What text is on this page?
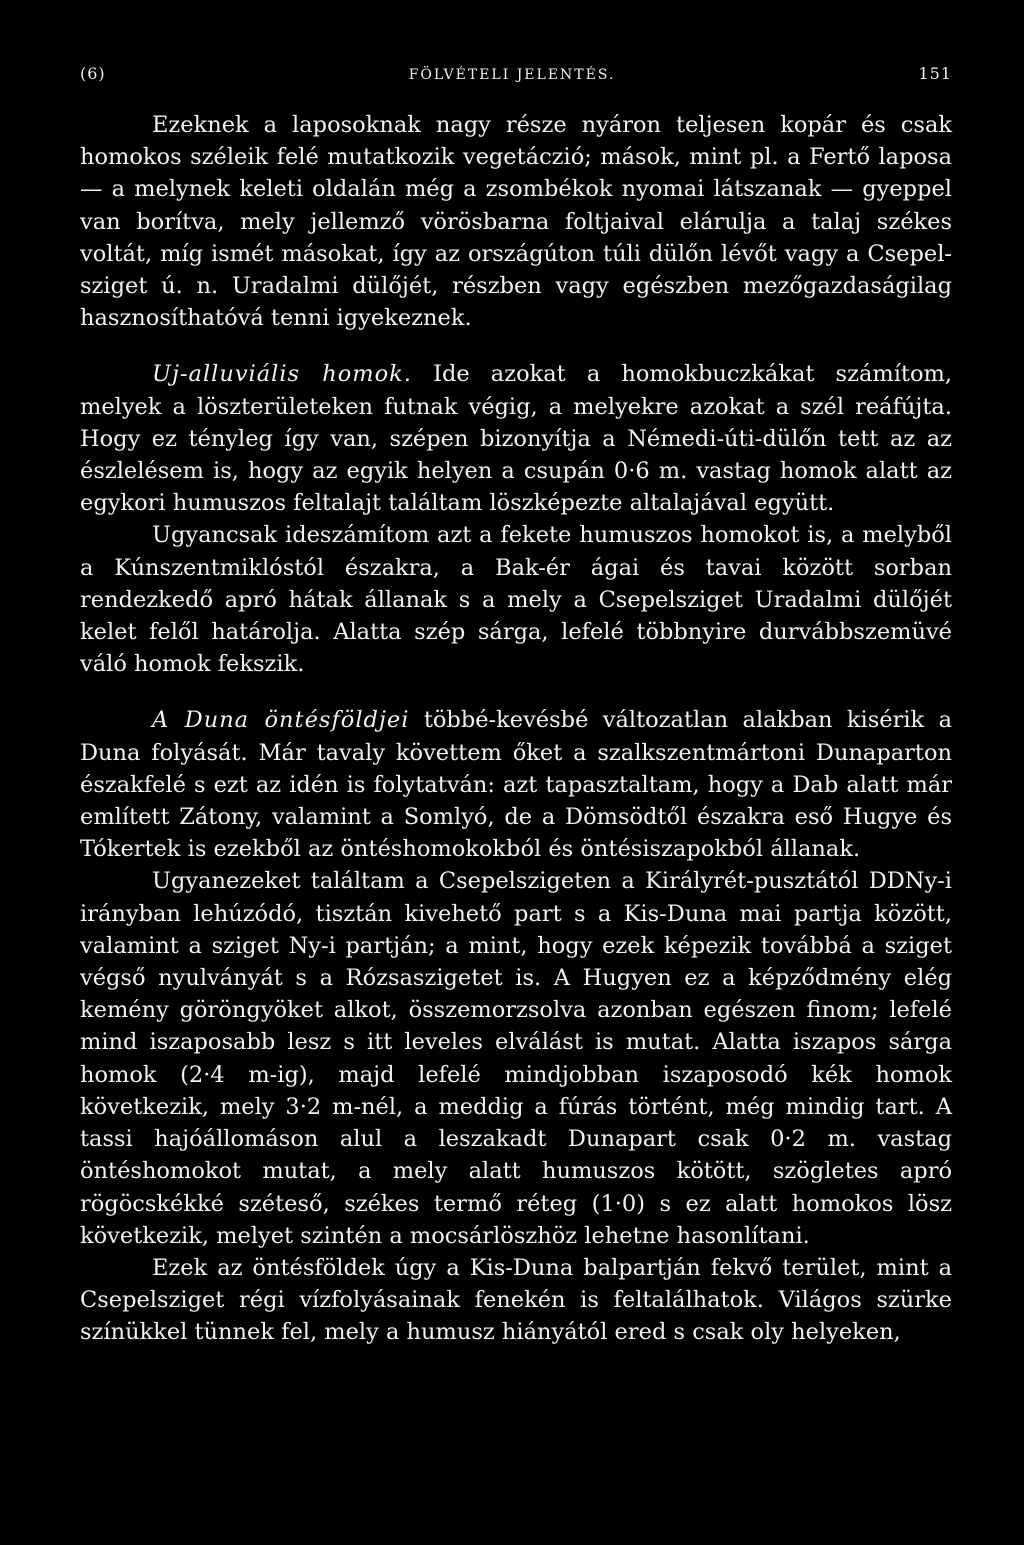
(6)	FÖLVÉTELI JELENTÉS.	151

Ezeknek a laposoknak nagy része nyáron teljesen kopár és csak homokos széleik felé mutatkozik vegetáczió; mások, mint pl. a Fertő laposa — a melynek keleti oldalán még a zsombékok nyomai látszanak — gyeppel van borítva, mely jellemző vörösbarna foltjaival elárulja a talaj székes voltát, míg ismét másokat, így az országúton túli dülőn lévőt vagy a Csepel-sziget ú. n. Uradalmi dülőjét, részben vagy egészben mezőgazdaságilag hasznosíthatóvá tenni igyekeznek.

Uj-alluviális homok. Ide azokat a homokbuczkákat számítom, melyek a löszterületeken futnak végig, a melyekre azokat a szél reáfújta. Hogy ez tényleg így van, szépen bizonyítja a Némedi-úti-dülőn tett az az észlelésem is, hogy az egyik helyen a csupán 0·6 m. vastag homok alatt az egykori humuszos feltalajt találtam löszképezte altalajával együtt.

Ugyancsak ideszámítom azt a fekete humuszos homokot is, a melyből a Kúnszentmiklóstól északra, a Bak-ér ágai és tavai között sorban rendezkedő apró hátak állanak s a mely a Csepelsziget Uradalmi dülőjét kelet felől határolja. Alatta szép sárga, lefelé többnyire durvábbszemüvé váló homok fekszik.

A Duna öntésföldjei többé-kevésbé változatlan alakban kisérik a Duna folyását. Már tavaly követtem őket a szalkszentmártoni Dunaparton északfelé s ezt az idén is folytatván: azt tapasztaltam, hogy a Dab alatt már említett Zátony, valamint a Somlyó, de a Dömsödtől északra eső Hugye és Tókertek is ezekből az öntéshomokokból és öntésiszapokból állanak.

Ugyanezeket találtam a Csepelszigeten a Királyrét-pusztától DDNy-i irányban lehúzódó, tisztán kivehető part s a Kis-Duna mai partja között, valamint a sziget Ny-i partján; a mint, hogy ezek képezik továbbá a sziget végső nyulványát s a Rózsaszigetet is. A Hugyen ez a képződmény elég kemény göröngyöket alkot, összemorzsolva azonban egészen finom; lefelé mind iszaposabb lesz s itt leveles elválást is mutat. Alatta iszapos sárga homok (2·4 m-ig), majd lefelé mindjobban iszaposodó kék homok következik, mely 3·2 m-nél, a meddig a fúrás történt, még mindig tart. A tassi hajóállomáson alul a leszakadt Dunapart csak 0·2 m. vastag öntéshomokot mutat, a mely alatt humuszos kötött, szögletes apró rögöcskékké széteső, székes termő réteg (1·0) s ez alatt homokos lösz következik, melyet szintén a mocsárlöszhöz lehetne hasonlítani.

Ezek az öntésföldek úgy a Kis-Duna balpartján fekvő terület, mint a Csepelsziget régi vízfolyásainak fenekén is feltalálhatok. Világos szürke színükkel tünnek fel, mely a humusz hiányától ered s csak oly helyeken,
